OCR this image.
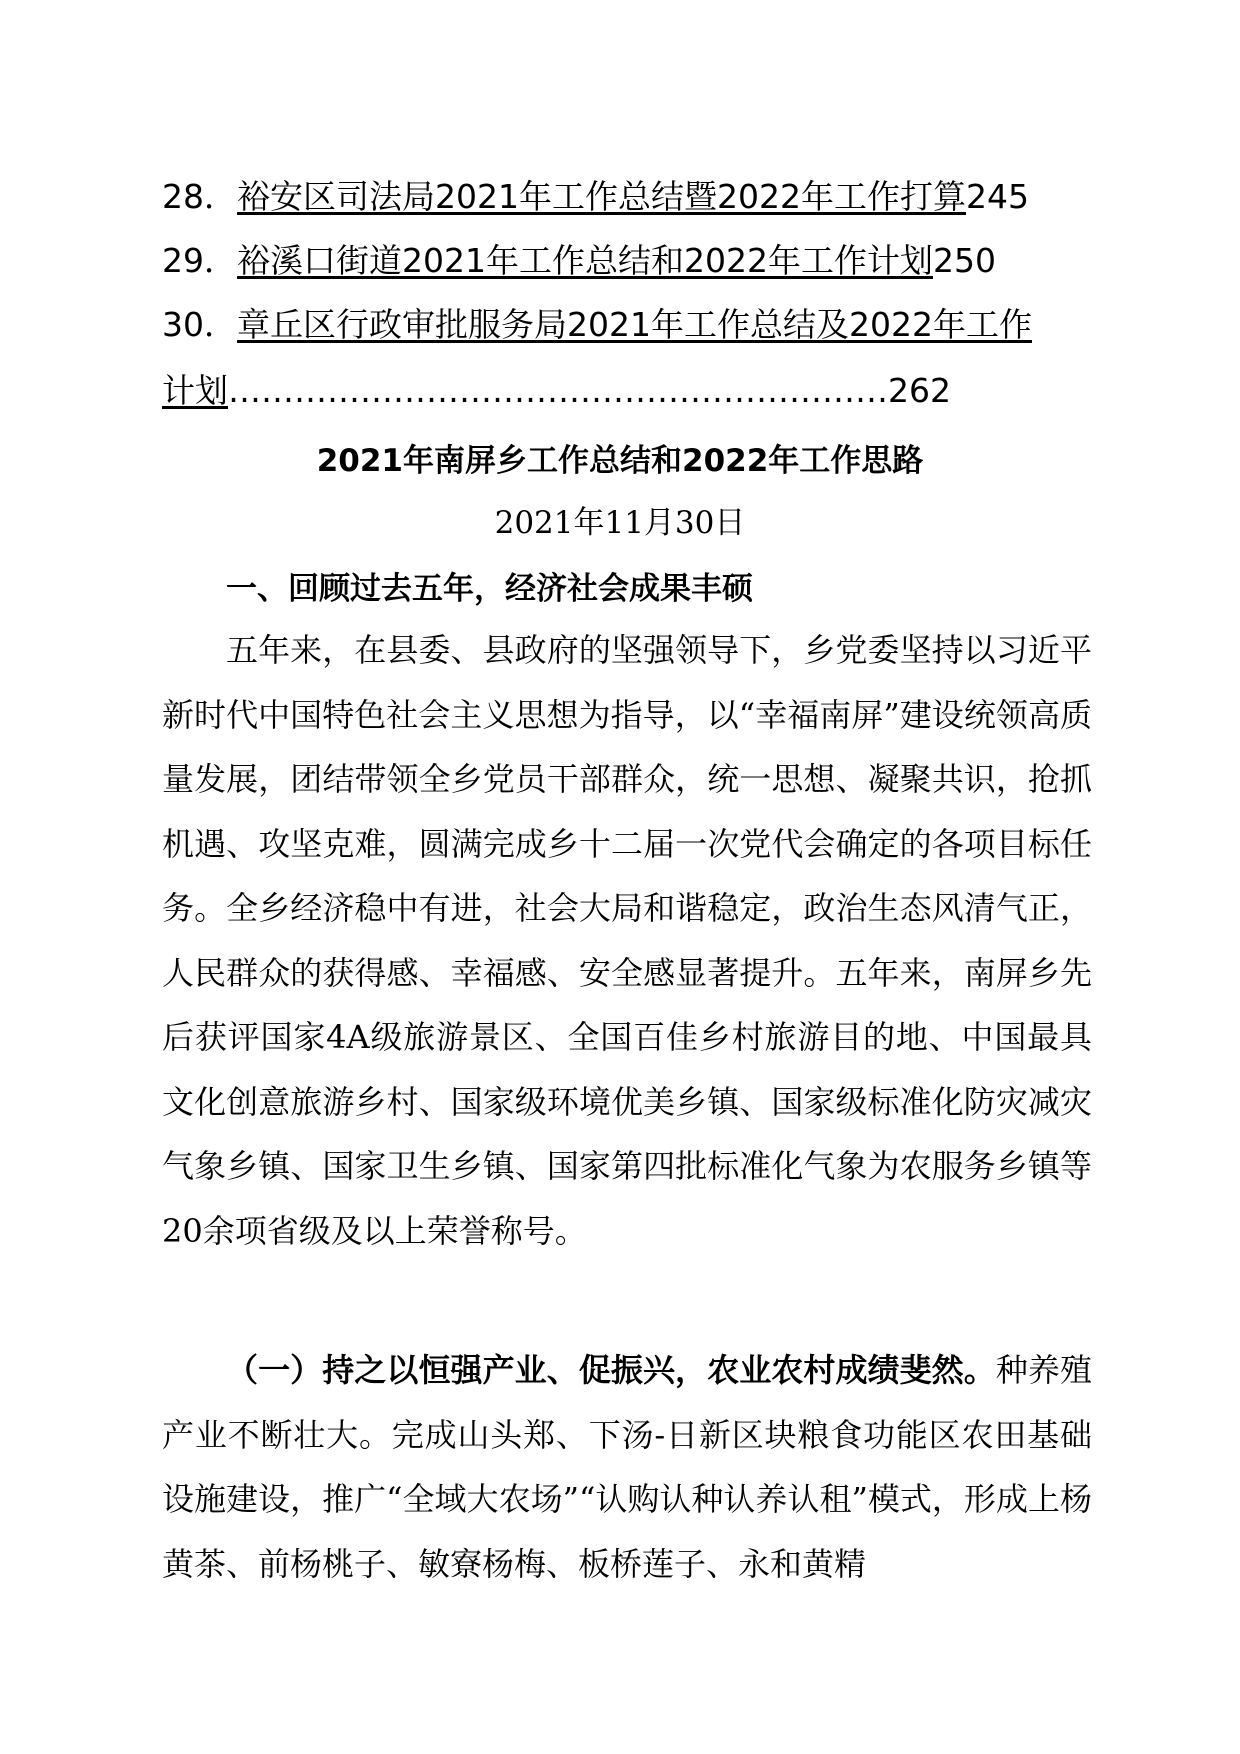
28．裕安区司法局2021年工作总结暨2022年工作打算245
29．裕溪口街道2021年工作总结和2022年工作计划250
30．章丘区行政审批服务局2021年工作总结及2022年工作
计划……………………………………………………262
2021年南屏乡工作总结和2022年工作思路
2021年11月30日
一、回顾过去五年，经济社会成果丰硕
五年来，在县委、县政府的坚强领导下，乡党委坚持以习近平新时代中国特色社会主义思想为指导，以“幸福南屏”建设统领高质量发展，团结带领全乡党员干部群众，统一思想、凝聚共识，抢抓机遇、攻坚克难，圆满完成乡十二届一次党代会确定的各项目标任务。全乡经济稳中有进，社会大局和谐稳定，政治生态风清气正，人民群众的获得感、幸福感、安全感显著提升。五年来，南屏乡先后获评国家4A级旅游景区、全国百佳乡村旅游目的地、中国最具文化创意旅游乡村、国家级环境优美乡镇、国家级标准化防灾减灾气象乡镇、国家卫生乡镇、国家第四批标准化气象为农服务乡镇等20余项省级及以上荣誉称号。
（一）持之以恒强产业、促振兴，农业农村成绩斐然。种养殖产业不断壮大。完成山头郑、下汤-日新区块粮食功能区农田基础设施建设，推广“全域大农场”“认购认种认养认租”模式，形成上杨黄茶、前杨桃子、敏寮杨梅、板桥莲子、永和黄精
